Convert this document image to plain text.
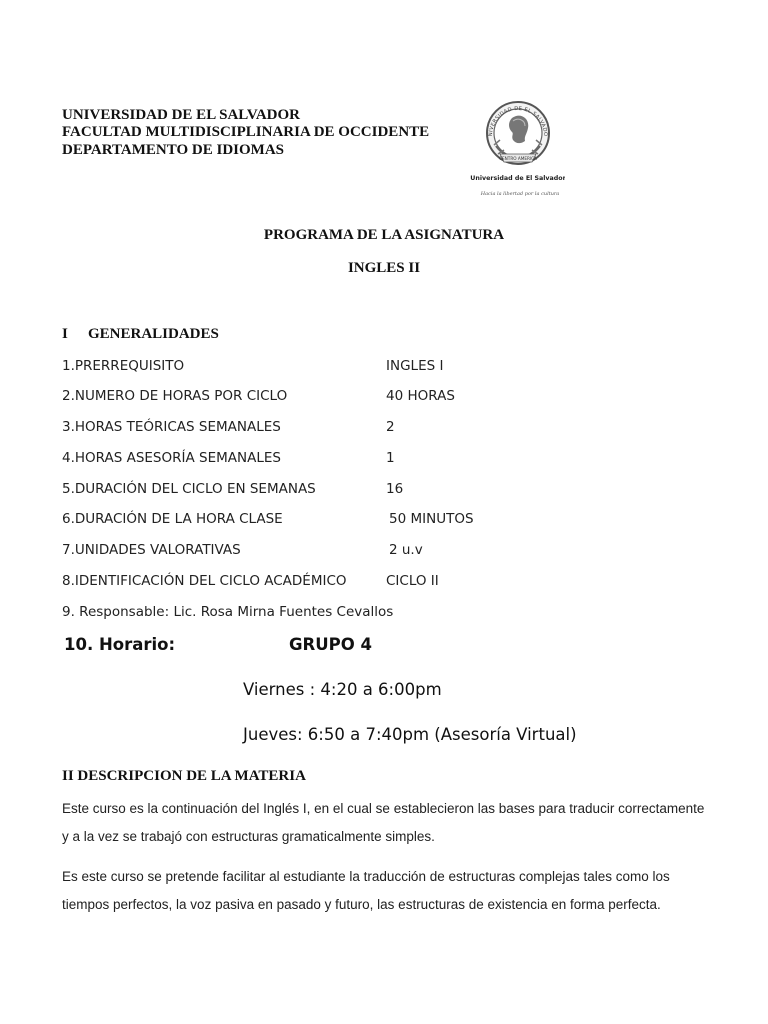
UNIVERSIDAD DE EL SALVADOR
FACULTAD MULTIDISCIPLINARIA DE OCCIDENTE
DEPARTAMENTO DE IDIOMAS
NIVERSIDAD DE EL SALVADO
CENTRO AMERICA
Universidad de El Salvador
Hacia la libertad por la cultura
PROGRAMA DE LA ASIGNATURA
INGLES II
I GENERALIDADES
1.PRERREQUISITO	INGLES I
2.NUMERO DE HORAS POR CICLO	40 HORAS
3.HORAS TEÓRICAS SEMANALES	2
4.HORAS ASESORÍA SEMANALES	1
5.DURACIÓN DEL CICLO EN SEMANAS	16
6.DURACIÓN DE LA HORA CLASE	50 MINUTOS
7.UNIDADES VALORATIVAS	2 u.v
8.IDENTIFICACIÓN DEL CICLO ACADÉMICO	CICLO II
9. Responsable: Lic. Rosa Mirna Fuentes Cevallos
10. Horario:	GRUPO 4
Viernes : 4:20 a 6:00pm
Jueves: 6:50 a 7:40pm (Asesoría Virtual)
II DESCRIPCION DE LA MATERIA
Este curso es la continuación del Inglés I, en el cual se establecieron las bases para traducir correctamente
y a la vez se trabajó con estructuras gramaticalmente simples.
Es este curso se pretende facilitar al estudiante la traducción de estructuras complejas tales como los
tiempos perfectos, la voz pasiva en pasado y futuro, las estructuras de existencia en forma perfecta.
